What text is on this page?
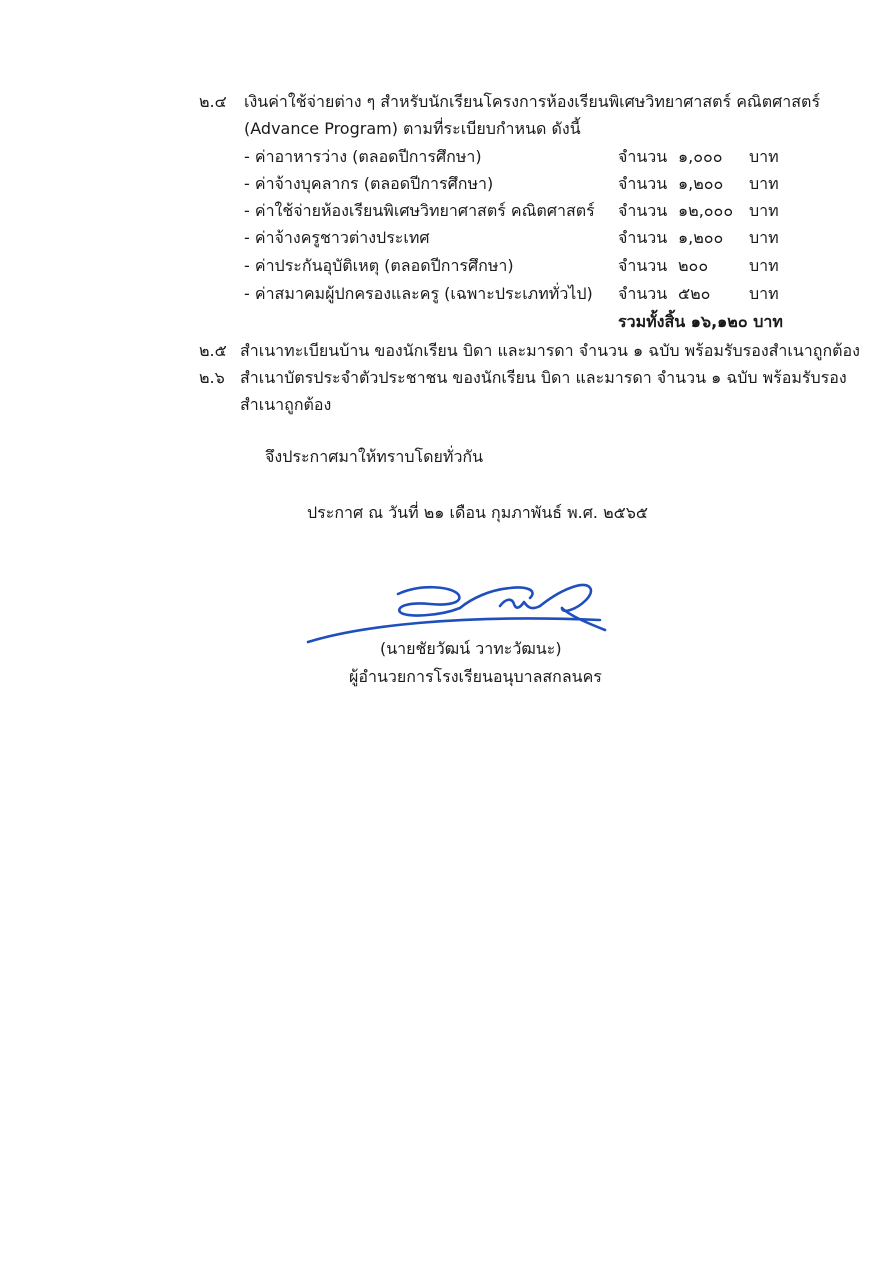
๒.๔ เงินค่าใช้จ่ายต่าง ๆ สำหรับนักเรียนโครงการห้องเรียนพิเศษวิทยาศาสตร์ คณิตศาสตร์
(Advance Program) ตามที่ระเบียบกำหนด ดังนี้
- ค่าอาหารว่าง (ตลอดปีการศึกษา)	จำนวน ๑,๐๐๐ บาท
- ค่าจ้างบุคลากร (ตลอดปีการศึกษา)	จำนวน ๑,๒๐๐ บาท
- ค่าใช้จ่ายห้องเรียนพิเศษวิทยาศาสตร์ คณิตศาสตร์ จำนวน ๑๒,๐๐๐ บาท
- ค่าจ้างครูชาวต่างประเทศ	จำนวน ๑,๒๐๐ บาท
- ค่าประกันอุบัติเหตุ (ตลอดปีการศึกษา)	จำนวน ๒๐๐	บาท
- ค่าสมาคมผู้ปกครองและครู (เฉพาะประเภททั่วไป) จำนวน ๕๒๐ บาท
รวมทั้งสิ้น ๑๖,๑๒๐ บาท
๒.๕ สำเนาทะเบียนบ้าน ของนักเรียน บิดา และมารดา จำนวน ๑ ฉบับ พร้อมรับรองสำเนาถูกต้อง
๒.๖ สำเนาบัตรประจำตัวประชาชน ของนักเรียน บิดา และมารดา จำนวน ๑ ฉบับ พร้อมรับรอง
สำเนาถูกต้อง
จึงประกาศมาให้ทราบโดยทั่วกัน
ประกาศ ณ วันที่ ๒๑ เดือน กุมภาพันธ์ พ.ศ. ๒๕๖๕
(นายชัยวัฒน์ วาทะวัฒนะ)
ผู้อำนวยการโรงเรียนอนุบาลสกลนคร
